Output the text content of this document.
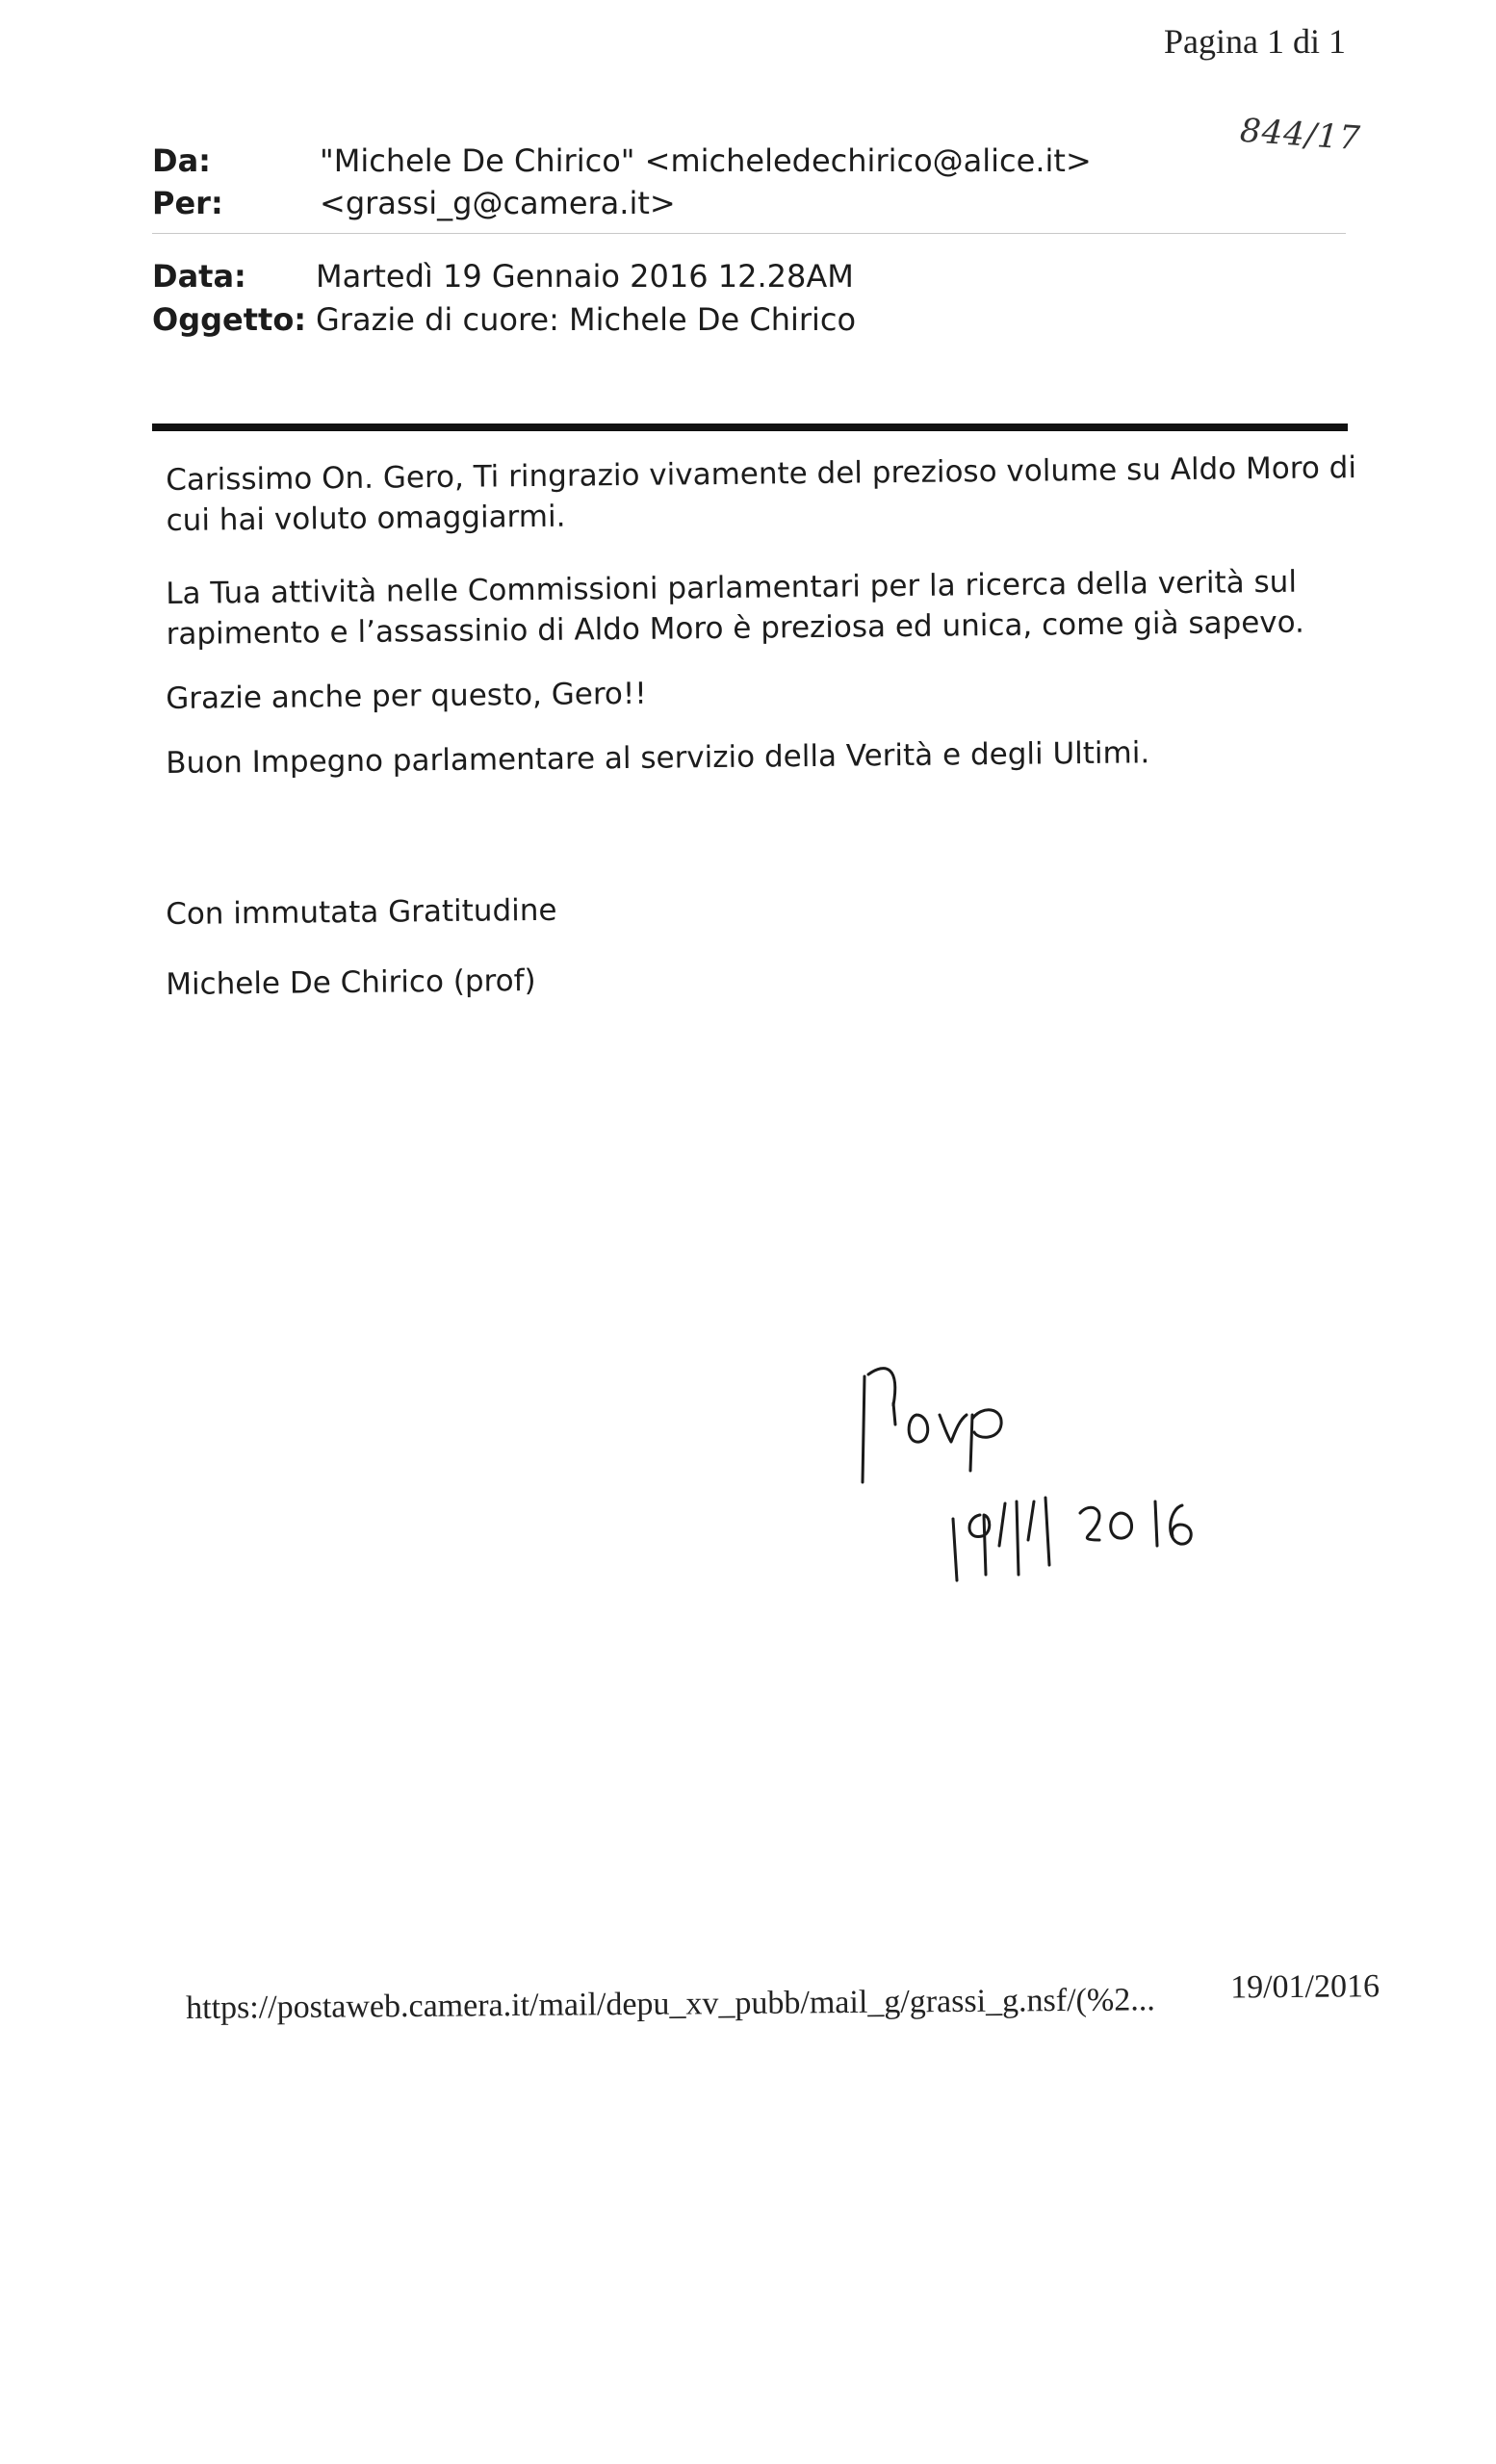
Pagina 1 di 1
844/17
Da:	"Michele De Chirico" <micheledechirico@alice.it>
Per:	<grassi_g@camera.it>
Data: Martedì 19 Gennaio 2016 12.28AM
Oggetto: Grazie di cuore: Michele De Chirico

Carissimo On. Gero, Ti ringrazio vivamente del prezioso volume su Aldo Moro di cui hai voluto omaggiarmi.

La Tua attività nelle Commissioni parlamentari per la ricerca della verità sul rapimento e l’assassinio di Aldo Moro è preziosa ed unica, come già sapevo.

Grazie anche per questo, Gero!!

Buon Impegno parlamentare al servizio della Verità e degli Ultimi.

Con immutata Gratitudine

Michele De Chirico (prof)

https://postaweb.camera.it/mail/depu_xv_pubb/mail_g/grassi_g.nsf/(%2... 19/01/2016
